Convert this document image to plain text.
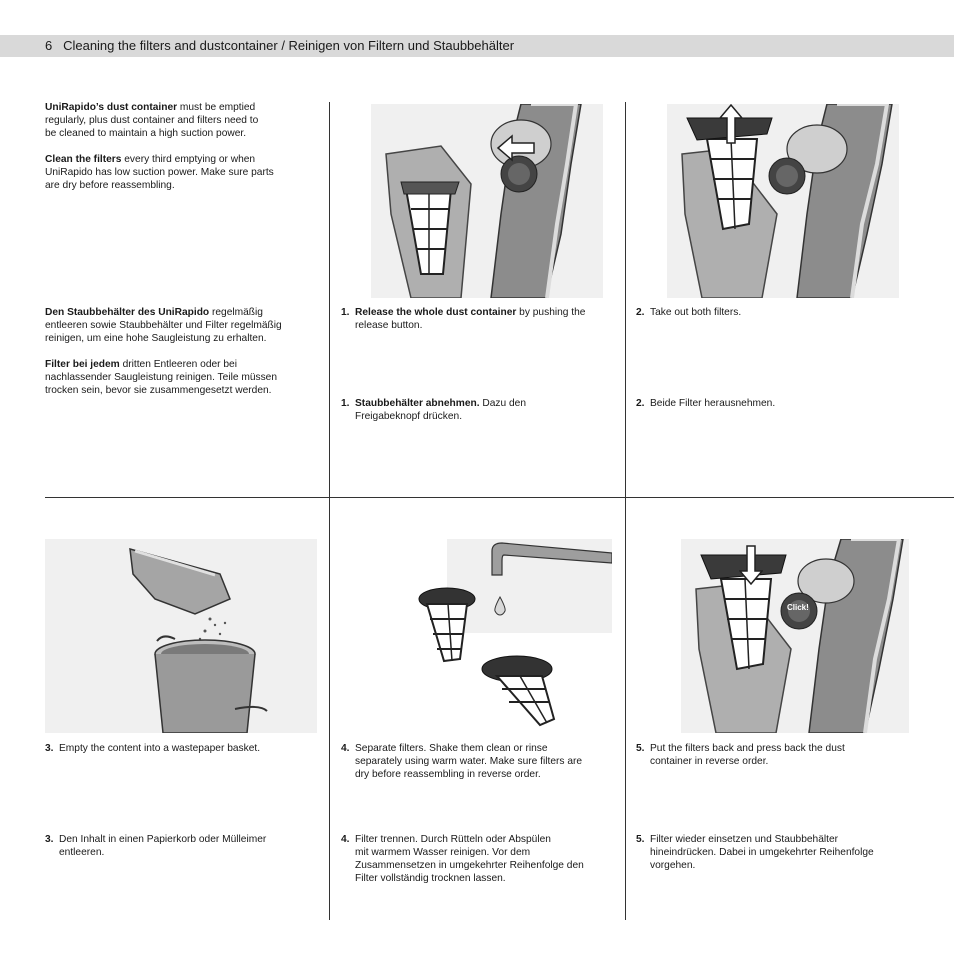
6 Cleaning the filters and dustcontainer / Reinigen von Filtern und Staubbehälter

UniRapido’s dust container must be emptied

regularly, plus dust container and filters need to

be cleaned to maintain a high suction power.

Clean the filters every third emptying or when

UniRapido has low suction power. Make sure parts

are dry before reassembling.

Den Staubbehälter des UniRapido regelmäßig

entleeren sowie Staubbehälter und Filter regelmäßig

reinigen, um eine hohe Saugleistung zu erhalten.

Filter bei jedem dritten Entleeren oder bei

nachlassender Saugleistung reinigen. Teile müssen

trocken sein, bevor sie zusammengesetzt werden.

1. Release the whole dust container by pushing the
release button.
1. Staubbehälter abnehmen. Dazu den
Freigabeknopf drücken.
2. Take out both filters.
2. Beide Filter herausnehmen.
Click!
3. Empty the content into a wastepaper basket.
3. Den Inhalt in einen Papierkorb oder Mülleimer
entleeren.
4. Separate filters. Shake them clean or rinse
separately using warm water. Make sure filters are
dry before reassembling in reverse order.
4. Filter trennen. Durch Rütteln oder Abspülen
mit warmem Wasser reinigen. Vor dem
Zusammensetzen in umgekehrter Reihenfolge den
Filter vollständig trocknen lassen.
5. Put the filters back and press back the dust
container in reverse order.
5. Filter wieder einsetzen und Staubbehälter
hineindrücken. Dabei in umgekehrter Reihenfolge
vorgehen.
